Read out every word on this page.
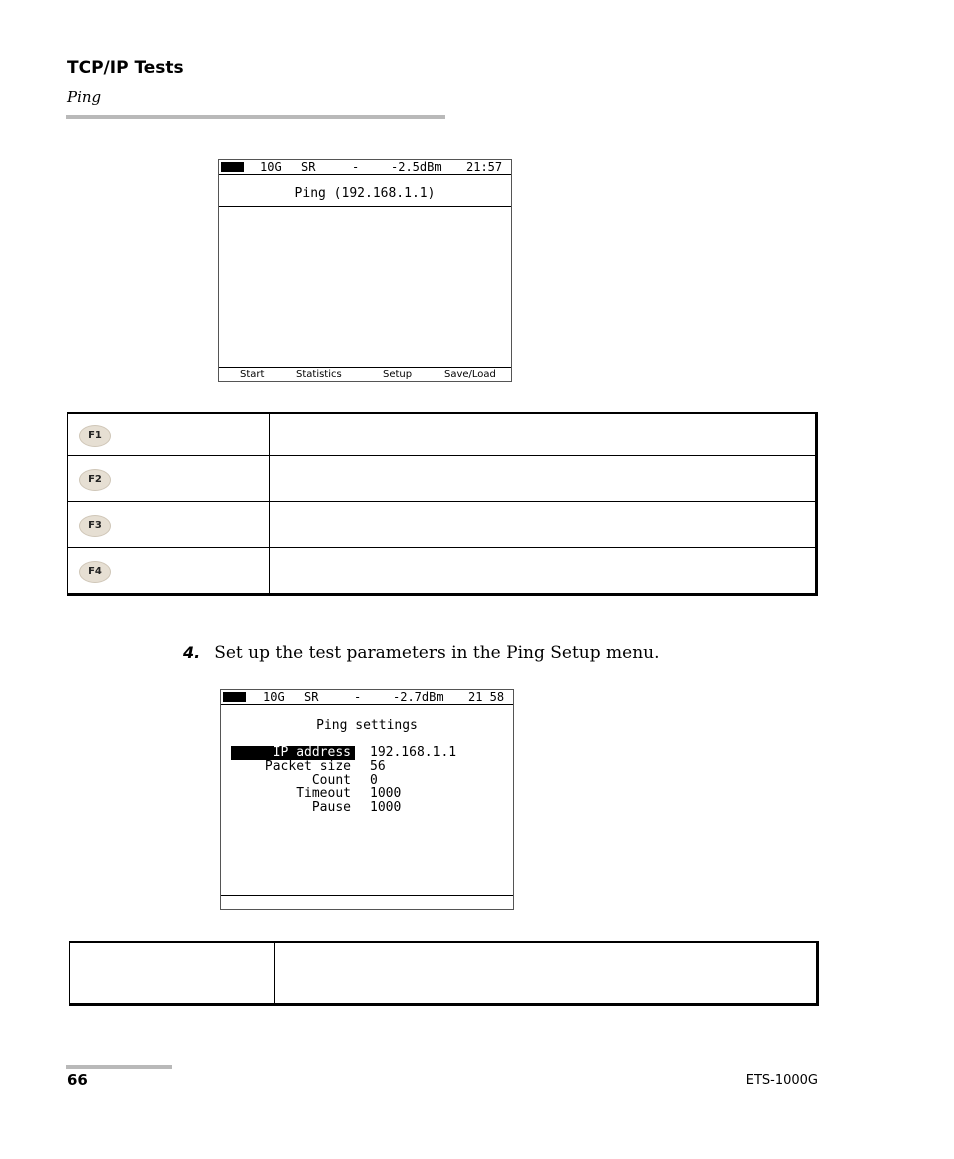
TCP/IP Tests
Ping

10G

SR

	-

	-2.5dBm

21:57

Ping (192.168.1.1)
Start	Statistics	Setup	Save/Load
F1	
F2	
F3	
F4	
4. Set up the test parameters in the Ping Setup menu.

10G

SR

	-

	-2.7dBm

21 58

Ping settings
IP address	192.168.1.1
Packet size	56
Count	0
Timeout	1000
Pause	1000

66	ETS-1000G
